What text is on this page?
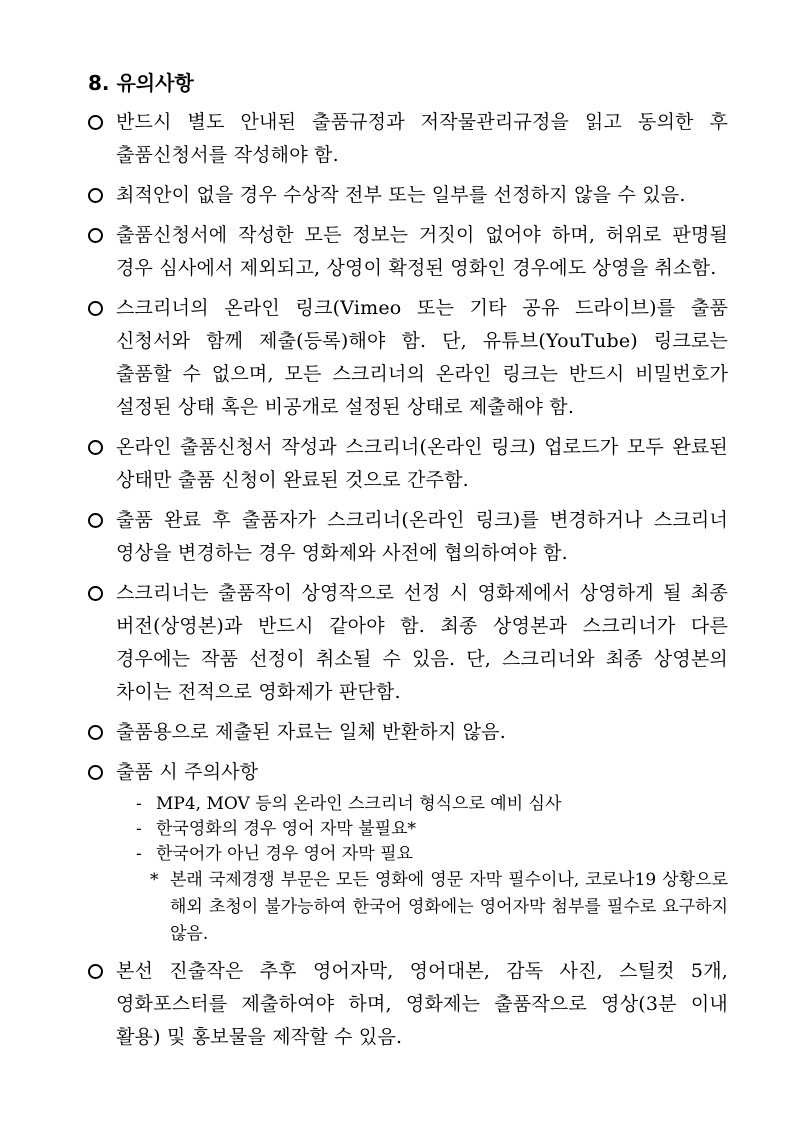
8. 유의사항
반드시 별도 안내된 출품규정과 저작물관리규정을 읽고 동의한 후 출품신청서를 작성해야 함.
최적안이 없을 경우 수상작 전부 또는 일부를 선정하지 않을 수 있음.
출품신청서에 작성한 모든 정보는 거짓이 없어야 하며, 허위로 판명될 경우 심사에서 제외되고, 상영이 확정된 영화인 경우에도 상영을 취소함.
스크리너의 온라인 링크(Vimeo 또는 기타 공유 드라이브)를 출품 신청서와 함께 제출(등록)해야 함. 단, 유튜브(YouTube) 링크로는 출품할 수 없으며, 모든 스크리너의 온라인 링크는 반드시 비밀번호가 설정된 상태 혹은 비공개로 설정된 상태로 제출해야 함.
온라인 출품신청서 작성과 스크리너(온라인 링크) 업로드가 모두 완료된 상태만 출품 신청이 완료된 것으로 간주함.
출품 완료 후 출품자가 스크리너(온라인 링크)를 변경하거나 스크리너 영상을 변경하는 경우 영화제와 사전에 협의하여야 함.
스크리너는 출품작이 상영작으로 선정 시 영화제에서 상영하게 될 최종 버전(상영본)과 반드시 같아야 함. 최종 상영본과 스크리너가 다른 경우에는 작품 선정이 취소될 수 있음. 단, 스크리너와 최종 상영본의 차이는 전적으로 영화제가 판단함.
출품용으로 제출된 자료는 일체 반환하지 않음.
출품 시 주의사항
- MP4, MOV 등의 온라인 스크리너 형식으로 예비 심사
- 한국영화의 경우 영어 자막 불필요*
- 한국어가 아닌 경우 영어 자막 필요
* 본래 국제경쟁 부문은 모든 영화에 영문 자막 필수이나, 코로나19 상황으로 해외 초청이 불가능하여 한국어 영화에는 영어자막 첨부를 필수로 요구하지 않음.
본선 진출작은 추후 영어자막, 영어대본, 감독 사진, 스틸컷 5개, 영화포스터를 제출하여야 하며, 영화제는 출품작으로 영상(3분 이내 활용) 및 홍보물을 제작할 수 있음.
